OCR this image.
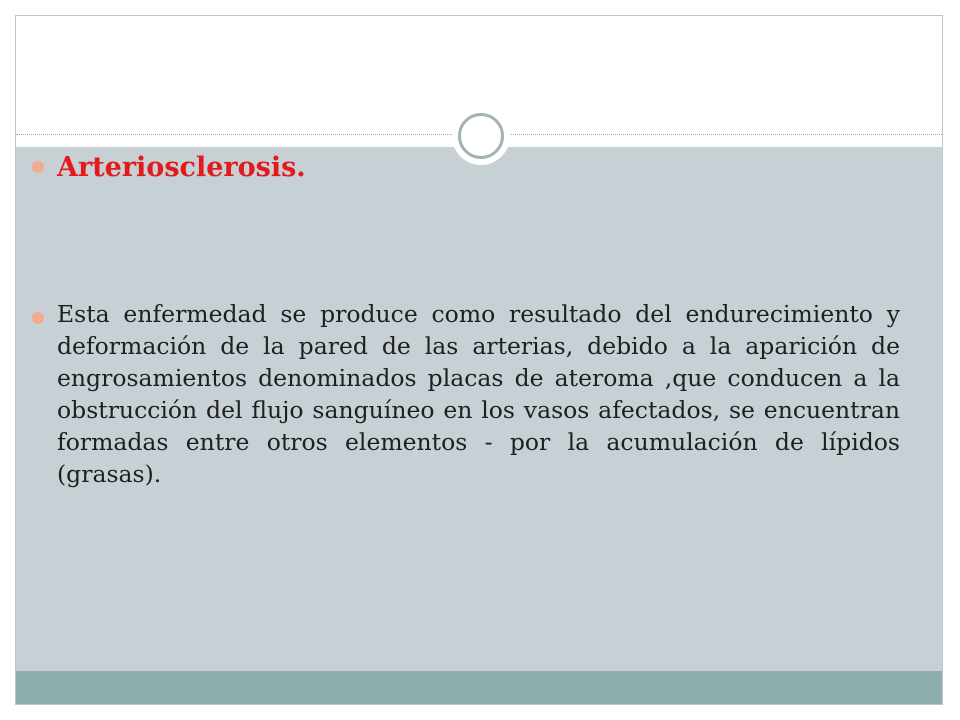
Arteriosclerosis.

Esta enfermedad se produce como resultado del endurecimiento y deformación de la pared de las arterias, debido a la aparición de engrosamientos denominados placas de ateroma ,que conducen a la obstrucción del flujo sanguíneo en los vasos afectados, se encuentran formadas entre otros elementos - por la acumulación de lípidos (grasas).
